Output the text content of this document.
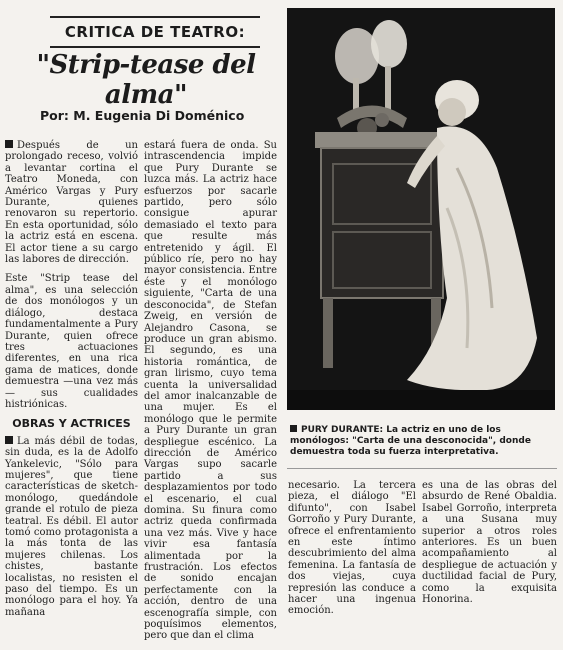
CRITICA DE TEATRO:
"Strip-tease del alma"
Por: M. Eugenia Di Doménico

Después de un prolongado receso, volvió a levantar cortina el Teatro Moneda, con Américo Vargas y Pury Durante, quienes renovaron su repertorio. En esta oportunidad, sólo la actriz está en escena. El actor tiene a su cargo las labores de dirección.

Este "Strip tease del alma", es una selección de dos monólogos y un diálogo, destaca fundamentalmente a Pury Durante, quien ofrece tres actuaciones diferentes, en una rica gama de matices, donde demuestra —una vez más— sus cualidades histriónicas.

OBRAS Y ACTRICES

La más débil de todas, sin duda, es la de Adolfo Yankelevic, "Sólo para mujeres", que tiene características de sketch-monólogo, quedándole grande el rotulo de pieza teatral. Es débil. El autor tomó como protagonista a la más tonta de las mujeres chilenas. Los chistes, bastante localistas, no resisten el paso del tiempo. Es un monólogo para el hoy. Ya mañana

estará fuera de onda. Su intrascendencia impide que Pury Durante se luzca más. La actriz hace esfuerzos por sacarle partido, pero sólo consigue apurar demasiado el texto para que resulte más entretenido y ágil. El público ríe, pero no hay mayor consistencia. Entre éste y el monólogo siguiente, "Carta de una desconocida", de Stefan Zweig, en versión de Alejandro Casona, se produce un gran abismo. El segundo, es una historia romántica, de gran lirismo, cuyo tema cuenta la universalidad del amor inalcanzable de una mujer. Es el monólogo que le permite a Pury Durante un gran despliegue escénico. La dirección de Américo Vargas supo sacarle partido a sus desplazamientos por todo el escenario, el cual domina. Su finura como actriz queda confirmada una vez más. Vive y hace vivir esa fantasía alimentada por la frustración. Los efectos de sonido encajan perfectamente con la acción, dentro de una escenografía simple, con poquísimos elementos, pero que dan el clima

PURY DURANTE: La actriz en uno de los monólogos: "Carta de una desconocida", donde demuestra toda su fuerza interpretativa.

necesario. La tercera pieza, el diálogo "El difunto", con Isabel Gorroño y Pury Durante, ofrece el enfrentamiento en este íntimo descubrimiento del alma femenina. La fantasía de dos viejas, cuya represión las conduce a hacer una ingenua emoción.

es una de las obras del absurdo de René Obaldia. Isabel Gorroño, interpreta a una Susana muy superior a otros roles anteriores. Es un buen acompañamiento al despliegue de actuación y ductilidad facial de Pury, como la exquisita Honorina.
